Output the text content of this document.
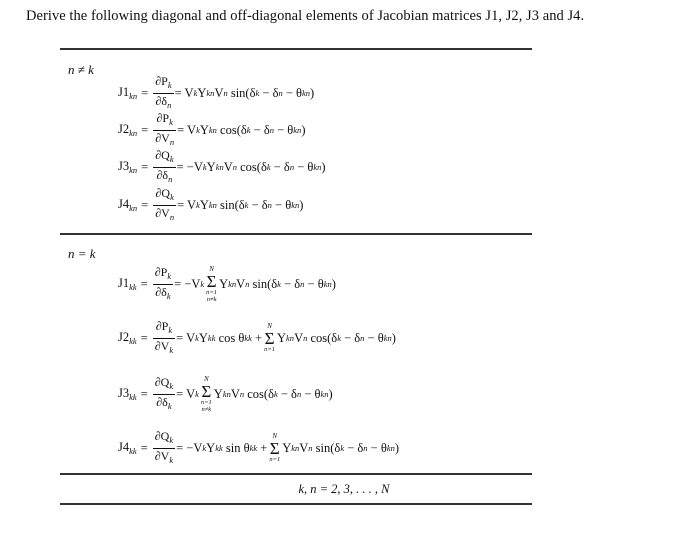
Derive the following diagonal and off-diagonal elements of Jacobian matrices J1, J2, J3 and J4.
n ≠ k
$J1_{kn} = \frac{\partial P_k}{\partial\delta_n} = V$ k Y kn V n sin(δ k − δ n − θ kn )
$J2_{kn} = \frac{\partial P_k}{\partial V_n} = V$ k Y kn cos(δ k − δ n − θ kn )
$J3_{kn} = \frac{\partial Q_k}{\partial\delta_n} = -V$ k Y kn V n cos(δ k − δ n − θ kn )
$J4_{kn} = \frac{\partial Q_k}{\partial V_n} = V$ k Y kn sin(δ k − δ n − θ kn )
n = k
$J1_{kk} = \frac{\partial P_k}{\partial\delta_k} = -V$ k
N
Σ
n=1
n≠k
Y kn V n sin(δ k − δ n − θ kn )
$J2_{kk} = \frac{\partial P_k}{\partial V_k} = V$ k Y kk cos θ kk +
N
Σ
n=1
Y kn V n cos(δ k − δ n − θ kn )
$J3_{kk} = \frac{\partial Q_k}{\partial\delta_k} = V$ k
N
Σ
n=1
n≠k
Y kn V n cos(δ k − δ n − θ kn )
$J4_{kk} = \frac{\partial Q_k}{\partial V_k} = -V$ k Y kk sin θ kk +
N
Σ
n=1
Y kn V n sin(δ k − δ n − θ kn )
k, n = 2, 3, . . . , N
